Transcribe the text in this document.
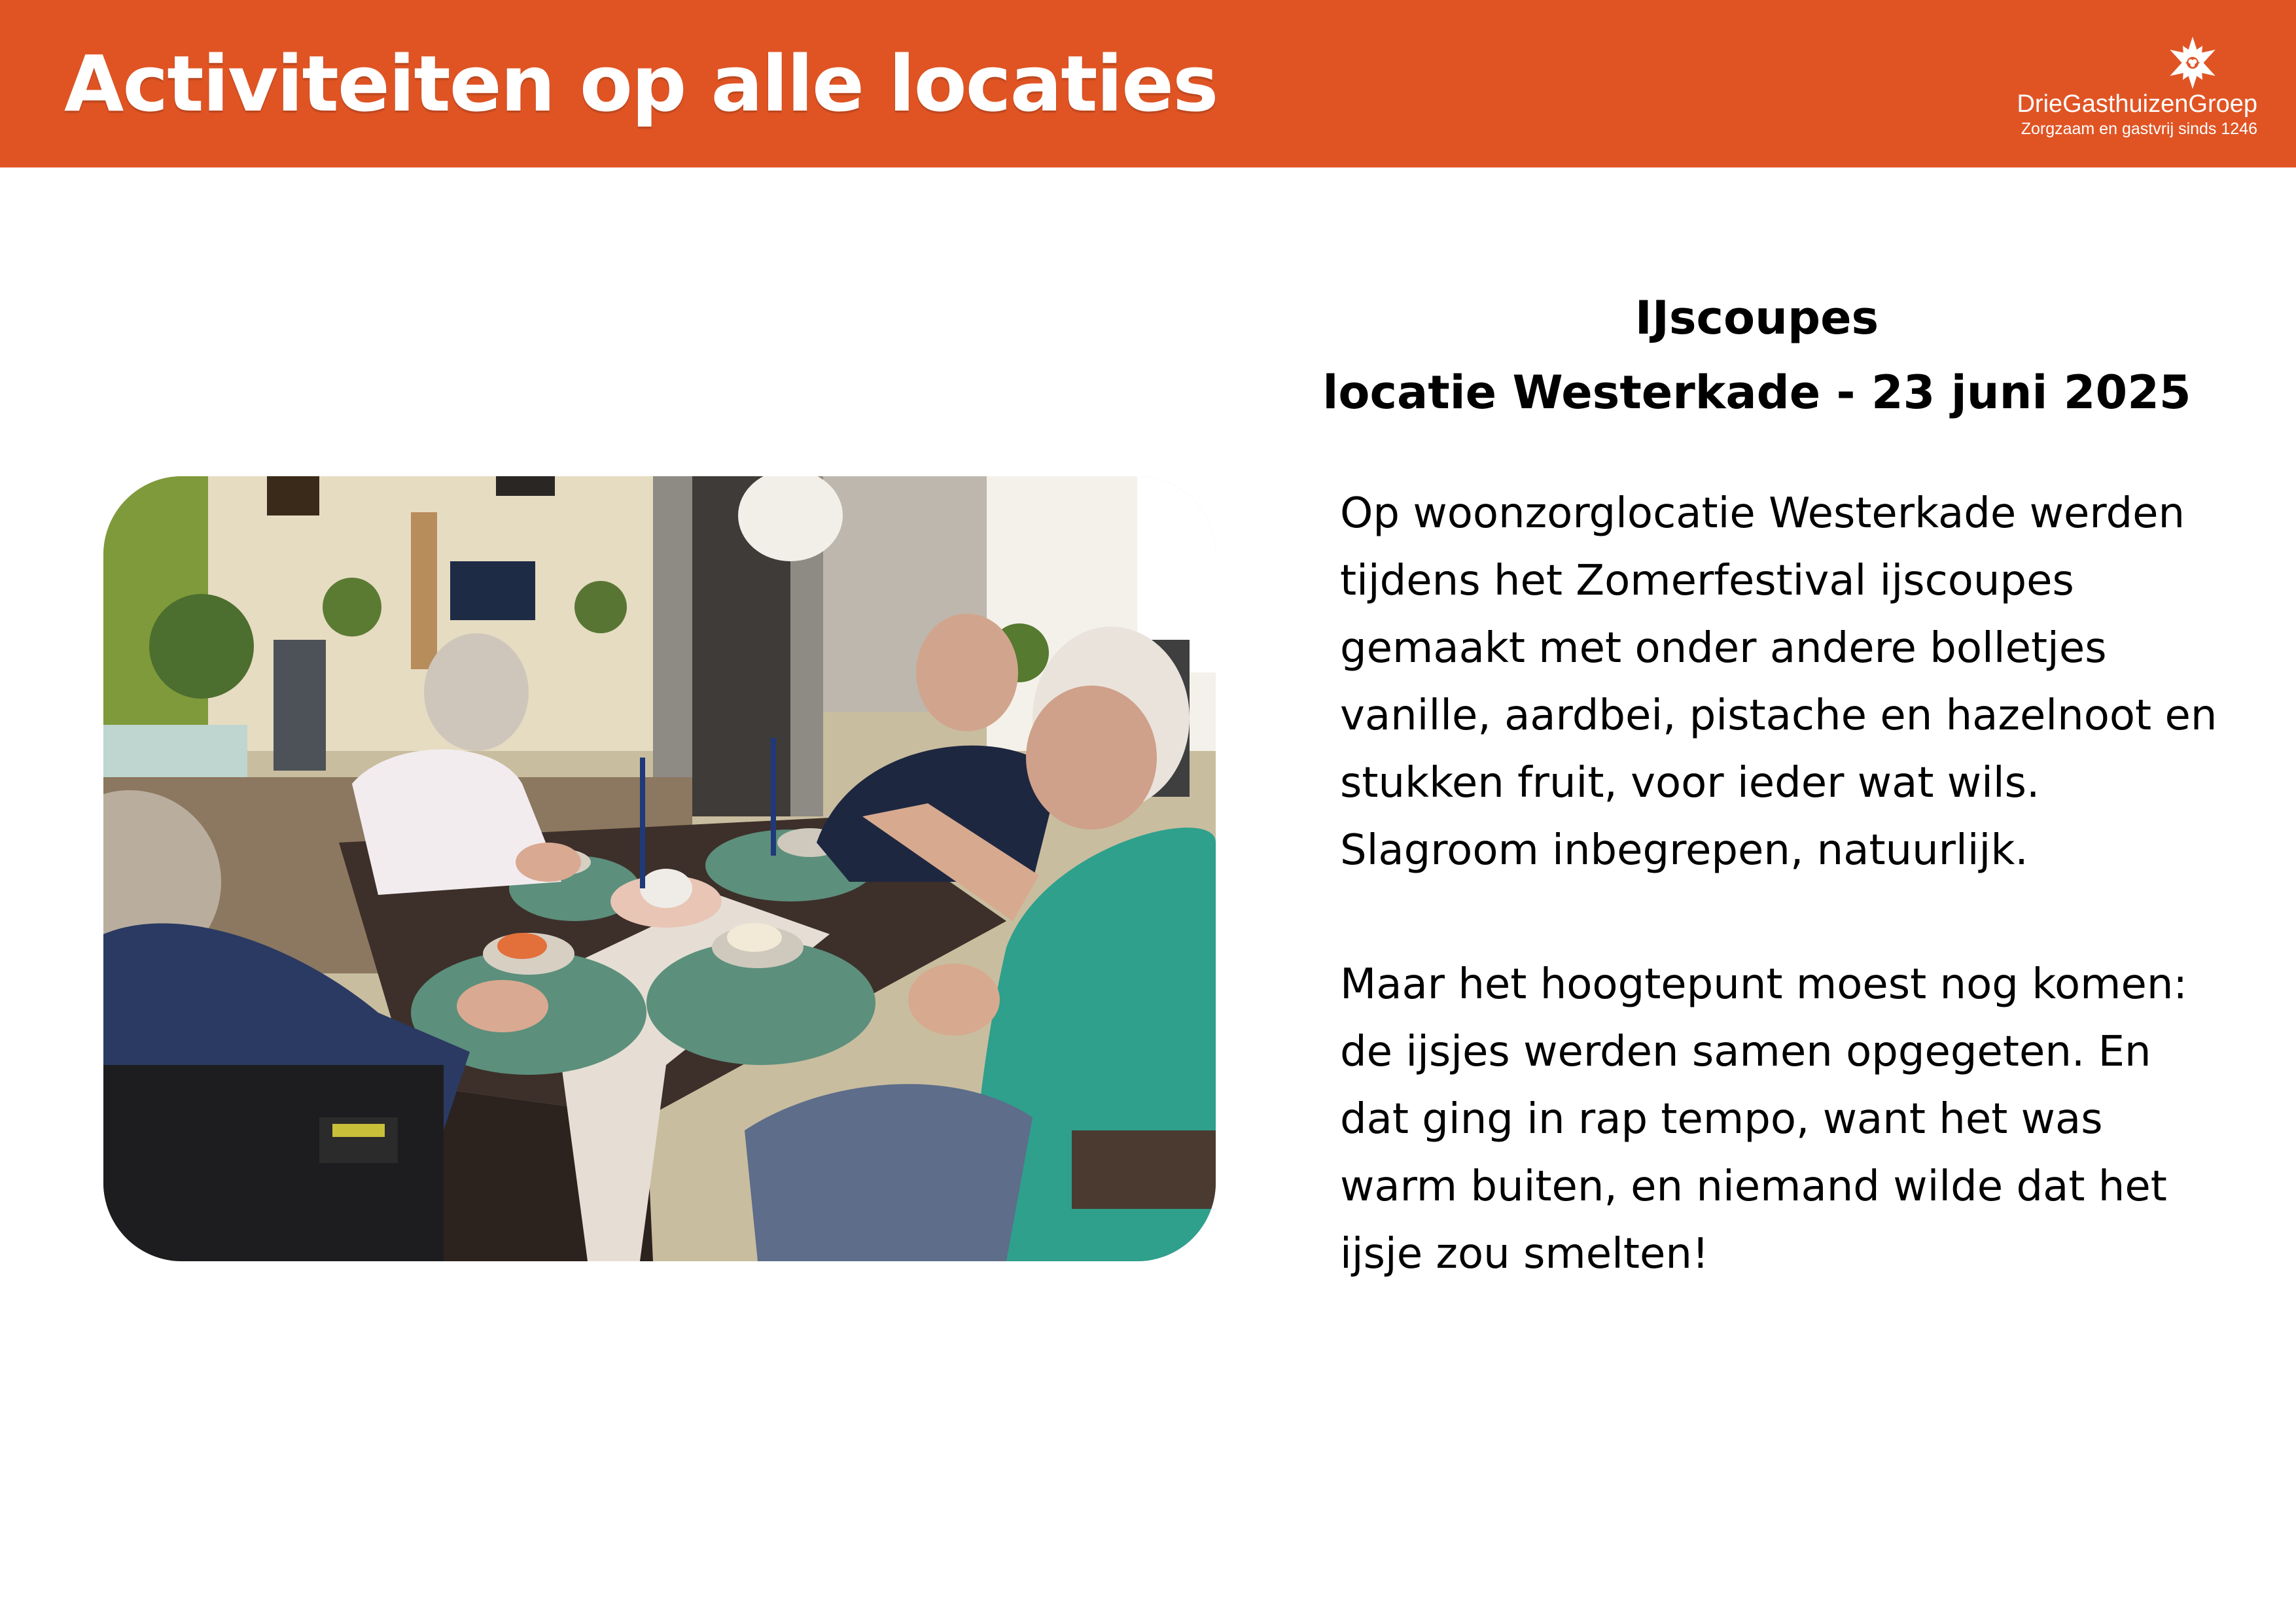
Activiteiten op alle locaties	DrieGasthuizenGroep
Zorgzaam en gastvrij sinds 1246
IJscoupes
locatie Westerkade - 23 juni 2025

Op woonzorglocatie Westerkade werden
tijdens het Zomerfestival ijscoupes
gemaakt met onder andere bolletjes
vanille, aardbei, pistache en hazelnoot en
stukken fruit, voor ieder wat wils.
Slagroom inbegrepen, natuurlijk.

Maar het hoogtepunt moest nog komen:
de ijsjes werden samen opgegeten. En
dat ging in rap tempo, want het was
warm buiten, en niemand wilde dat het
ijsje zou smelten!
